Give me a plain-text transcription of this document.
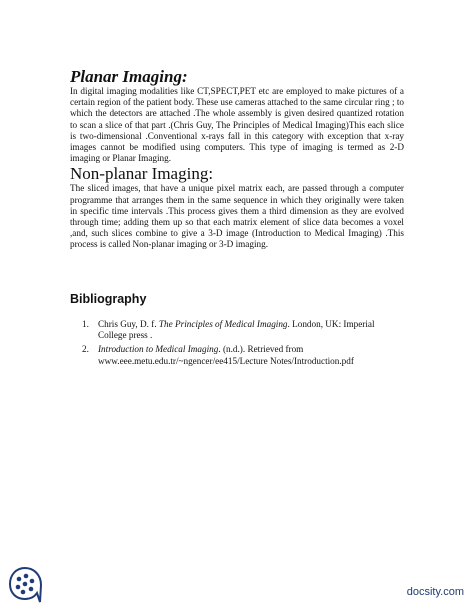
Planar Imaging:

In digital imaging modalities like CT,SPECT,PET etc are employed to make pictures of a certain region of the patient body. These use cameras attached to the same circular ring ; to which the detectors are attached .The whole assembly is given desired quantized rotation to scan a slice of that part .(Chris Guy, The Principles of Medical Imaging)This each slice is two-dimensional .Conventional x-rays fall in this category with exception that x-ray images cannot be modified using computers. This type of imaging is termed as 2-D imaging or Planar Imaging.

Non-planar Imaging:

The sliced images, that have a unique pixel matrix each, are passed through a computer programme that arranges them in the same sequence in which they originally were taken in specific time intervals .This process gives them a third dimension as they are evolved through time; adding them up so that each matrix element of slice data becomes a voxel ,and, such slices combine to give a 3-D image (Introduction to Medical Imaging) .This process is called Non-planar imaging or 3-D imaging.

Bibliography
1. Chris Guy, D. f. The Principles of Medical Imaging. London, UK: Imperial College press .
2. Introduction to Medical Imaging. (n.d.). Retrieved from www.eee.metu.edu.tr/~ngencer/ee415/Lecture Notes/Introduction.pdf
docsity.com
